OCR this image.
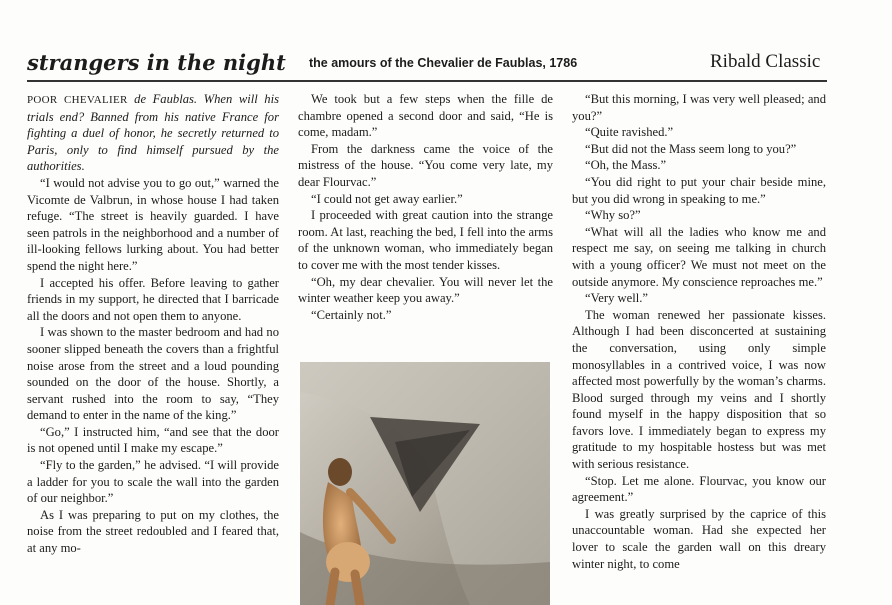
strangers in the night the amours of the Chevalier de Faublas, 1786	Ribald Classic

POOR CHEVALIER de Faublas. When will his trials end? Banned from his native France for fighting a duel of honor, he secretly returned to Paris, only to find himself pursued by the authorities.

“I would not advise you to go out,” warned the Vicomte de Valbrun, in whose house I had taken refuge. “The street is heavily guarded. I have seen patrols in the neighborhood and a number of ill-looking fellows lurking about. You had better spend the night here.”

I accepted his offer. Before leaving to gather friends in my support, he directed that I barricade all the doors and not open them to anyone.

I was shown to the master bedroom and had no sooner slipped beneath the covers than a frightful noise arose from the street and a loud pounding sounded on the door of the house. Shortly, a servant rushed into the room to say, “They demand to enter in the name of the king.”

“Go,” I instructed him, “and see that the door is not opened until I make my escape.”

“Fly to the garden,” he advised. “I will provide a ladder for you to scale the wall into the garden of our neighbor.”

As I was preparing to put on my clothes, the noise from the street redoubled and I feared that, at any mo-

We took but a few steps when the fille de chambre opened a second door and said, “He is come, madam.”

From the darkness came the voice of the mistress of the house. “You come very late, my dear Flourvac.”

“I could not get away earlier.”

I proceeded with great caution into the strange room. At last, reaching the bed, I fell into the arms of the unknown woman, who immediately began to cover me with the most tender kisses.

“Oh, my dear chevalier. You will never let the winter weather keep you away.”

“Certainly not.”

“But this morning, I was very well pleased; and you?”

“Quite ravished.”

“But did not the Mass seem long to you?”

“Oh, the Mass.”

“You did right to put your chair beside mine, but you did wrong in speaking to me.”

“Why so?”

“What will all the ladies who know me and respect me say, on seeing me talking in church with a young officer? We must not meet on the outside anymore. My conscience reproaches me.”

“Very well.”

The woman renewed her passionate kisses. Although I had been disconcerted at sustaining the conversation, using only simple monosyllables in a contrived voice, I was now affected most powerfully by the woman’s charms. Blood surged through my veins and I shortly found myself in the happy disposition that so favors love. I immediately began to express my gratitude to my hospitable hostess but was met with serious resistance.

“Stop. Let me alone. Flourvac, you know our agreement.”

I was greatly surprised by the caprice of this unaccountable woman. Had she expected her lover to scale the garden wall on this dreary winter night, to come
